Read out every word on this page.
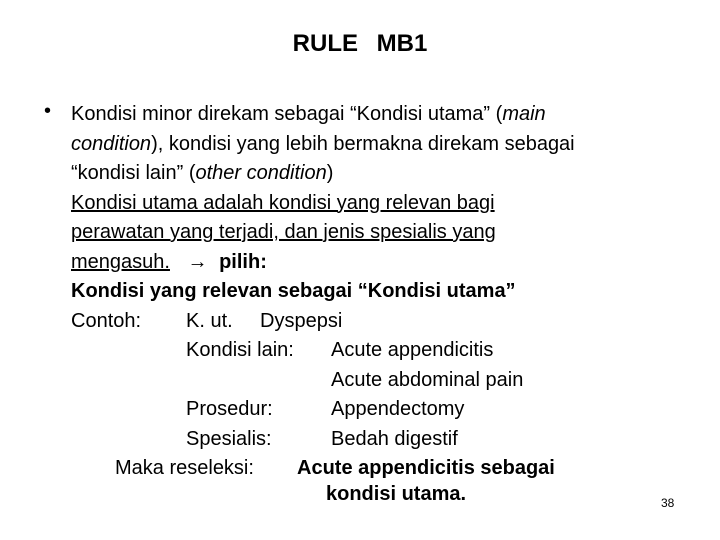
RULE MB1
• Kondisi minor direkam sebagai “Kondisi utama” (main
condition), kondisi yang lebih bermakna direkam sebagai
“kondisi lain” (other condition)
Kondisi utama adalah kondisi yang relevan bagi
perawatan yang terjadi, dan jenis spesialis yang
mengasuh. → pilih:
Kondisi yang relevan sebagai “Kondisi utama”
Contoh: K. ut. Dyspepsi
Kondisi lain: Acute appendicitis
Acute abdominal pain
Prosedur:	Appendectomy
Spesialis:	Bedah digestif
Maka reseleksi: Acute appendicitis sebagai
kondisi utama.	38
